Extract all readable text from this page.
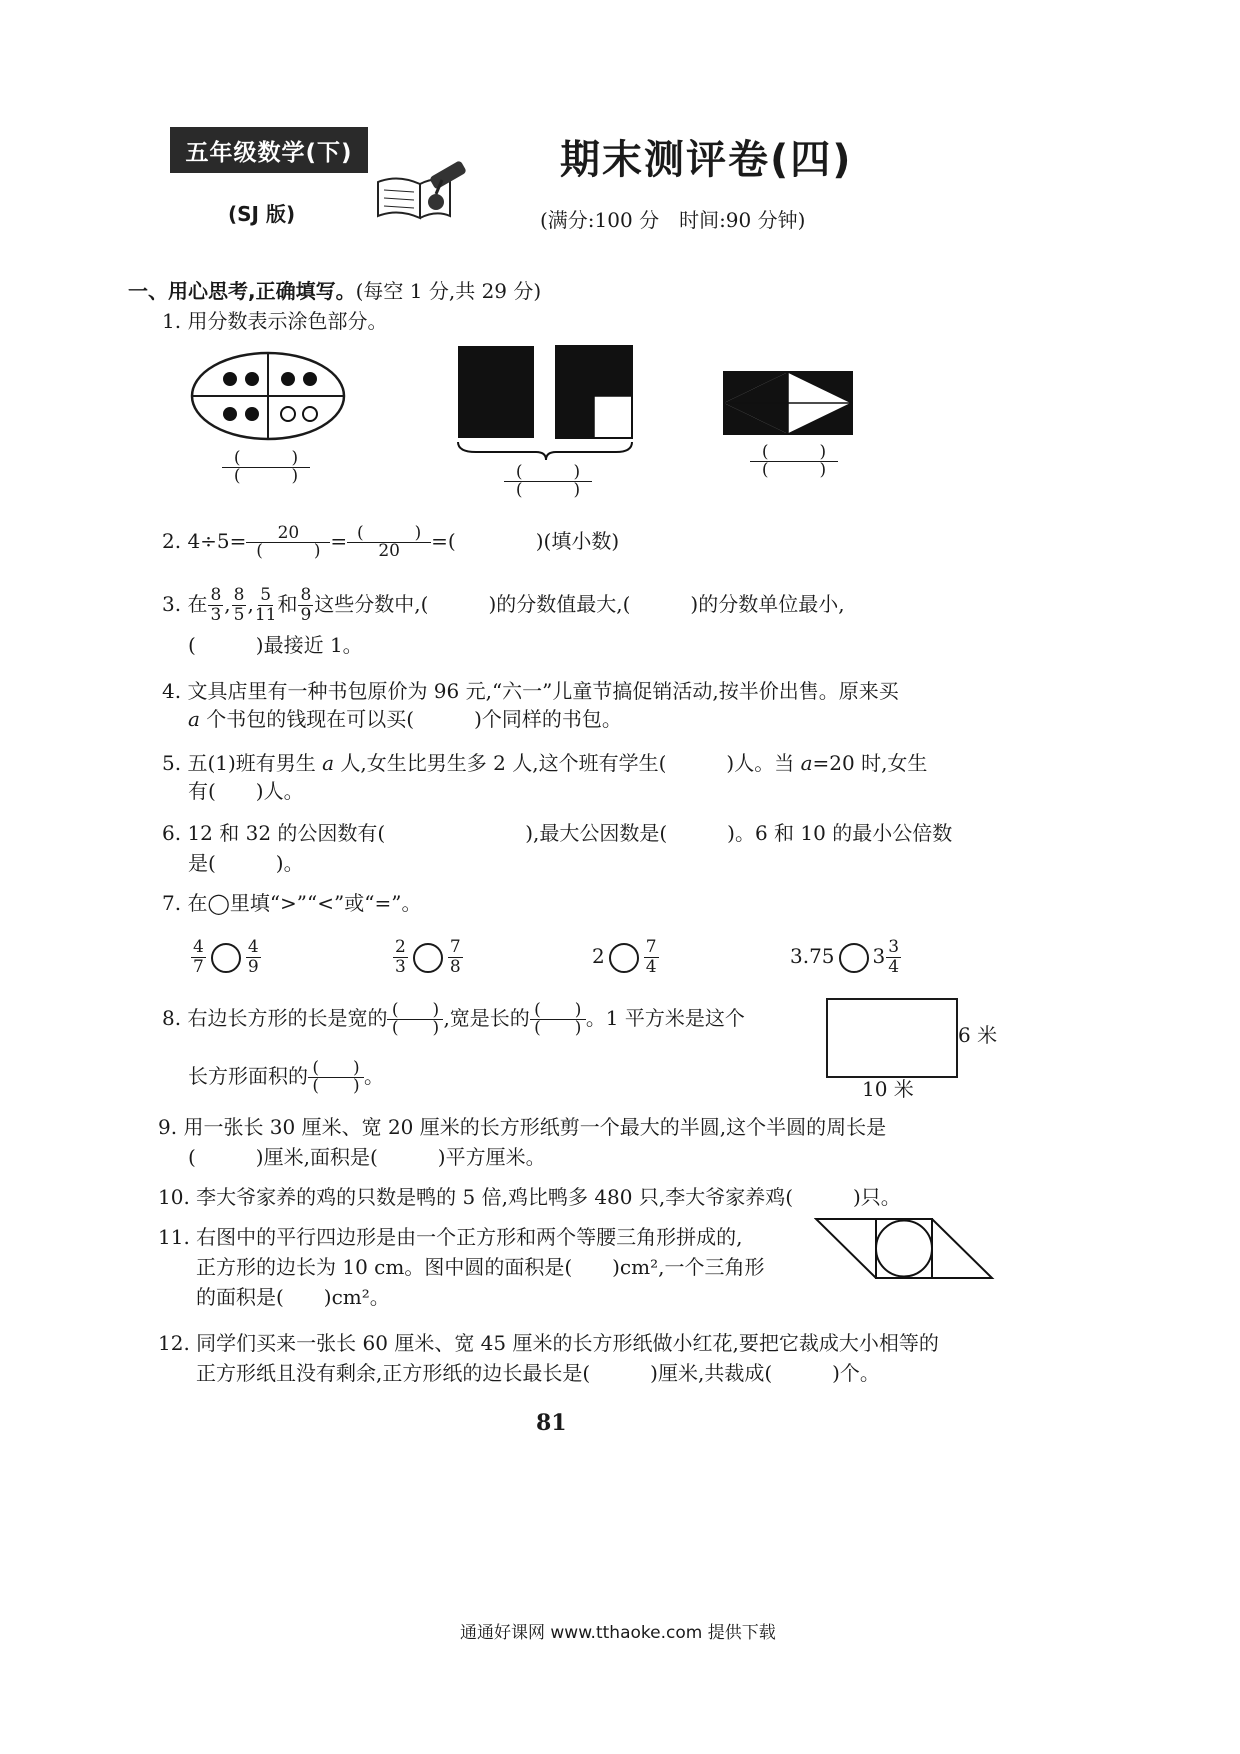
五年级数学(下)
(SJ 版)
期末测评卷(四)
(满分:100 分　时间:90 分钟)
一、用心思考,正确填写。(每空 1 分,共 29 分)
1. 用分数表示涂色部分。
(　　　)
(　　　)	(　　　)
(　　　)
(　　　)
(　　　)
2. 4÷5=	20
(　　　) = (　　　)
20	=(　　　　)(填小数)
3. 在 $\frac{8}{3}$ , $\frac{8}{5}$ , $\frac{5}{11}$ 和 $\frac{8}{9}$ 这些分数中,(　　　)的分数值最大,(　　　)的分数单位最小,
(　　　)最接近 1。
4. 文具店里有一种书包原价为 96 元,“六一”儿童节搞促销活动,按半价出售。原来买
a 个书包的钱现在可以买(　　　)个同样的书包。
5. 五(1)班有男生 a 人,女生比男生多 2 人,这个班有学生(　　　)人。当 a=20 时,女生
有(　　)人。
6. 12 和 32 的公因数有(　　　　　　　),最大公因数是(　　　)。6 和 10 的最小公倍数
是(　　　)。
7. 在◯里填“>”“<”或“=”。
$\frac{4}{7} \frac{4}{9}$	$\frac{2}{3} \frac{7}{8}$	$2 \frac{7}{4}$	3.75 $3 \frac{3}{4}$
8. 右边长方形的长是宽的 (　　)
(　　) ,宽是长的 (　　)
(　　) 。1 平方米是这个
长方形面积的 (　　)
(　　) 。
6 米
10 米
9. 用一张长 30 厘米、宽 20 厘米的长方形纸剪一个最大的半圆,这个半圆的周长是
(　　　)厘米,面积是(　　　)平方厘米。
10. 李大爷家养的鸡的只数是鸭的 5 倍,鸡比鸭多 480 只,李大爷家养鸡(　　　)只。
11. 右图中的平行四边形是由一个正方形和两个等腰三角形拼成的,
正方形的边长为 10 cm。图中圆的面积是(　　)cm²,一个三角形
的面积是(　　)cm²。
12. 同学们买来一张长 60 厘米、宽 45 厘米的长方形纸做小红花,要把它裁成大小相等的
正方形纸且没有剩余,正方形纸的边长最长是(　　　)厘米,共裁成(　　　)个。
81
通通好课网 www.tthaoke.com 提供下载
